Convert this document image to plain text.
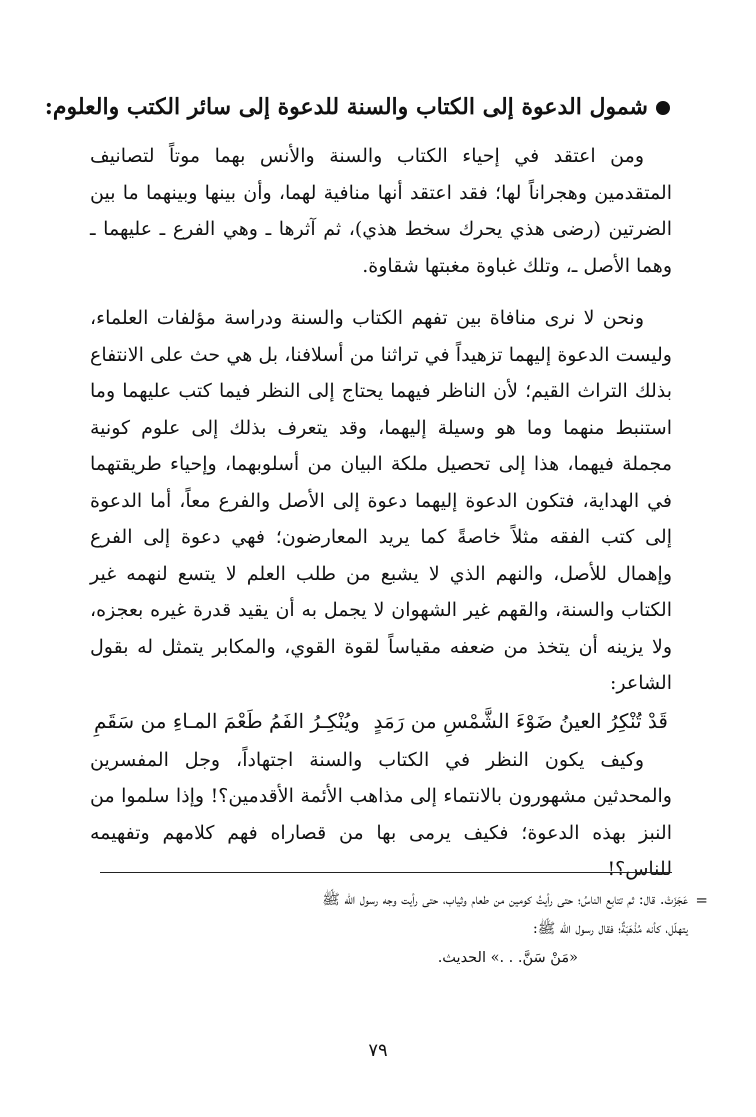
شمول الدعوة إلى الكتاب والسنة للدعوة إلى سائر الكتب والعلوم:

ومن اعتقد في إحياء الكتاب والسنة والأنس بهما موتاً لتصانيف المتقدمين وهجراناً لها؛ فقد اعتقد أنها منافية لهما، وأن بينها وبينهما ما بين الضرتين (رضى هذي يحرك سخط هذي)، ثم آثرها ـ وهي الفرع ـ عليهما ـ وهما الأصل ـ، وتلك غباوة مغبتها شقاوة.

ونحن لا نرى منافاة بين تفهم الكتاب والسنة ودراسة مؤلفات العلماء، وليست الدعوة إليهما تزهيداً في تراثنا من أسلافنا، بل هي حث على الانتفاع بذلك التراث القيم؛ لأن الناظر فيهما يحتاج إلى النظر فيما كتب عليهما وما استنبط منهما وما هو وسيلة إليهما، وقد يتعرف بذلك إلى علوم كونية مجملة فيهما، هذا إلى تحصيل ملكة البيان من أسلوبهما، وإحياء طريقتهما في الهداية، فتكون الدعوة إليهما دعوة إلى الأصل والفرع معاً، أما الدعوة إلى كتب الفقه مثلاً خاصةً كما يريد المعارضون؛ فهي دعوة إلى الفرع وإهمال للأصل، والنهم الذي لا يشبع من طلب العلم لا يتسع لنهمه غير الكتاب والسنة، والقهم غير الشهوان لا يجمل به أن يقيد قدرة غيره بعجزه، ولا يزينه أن يتخذ من ضعفه مقياساً لقوة القوي، والمكابر يتمثل له بقول الشاعر:

قَدْ تُنْكِرُ العينُ ضَوْءَ الشَّمْسِ من رَمَدٍ
ويُنْكِـرُ الفَمُ طَعْمَ المـاءِ من سَقَمِ

وكيف يكون النظر في الكتاب والسنة اجتهاداً، وجل المفسرين والمحدثين مشهورون بالانتماء إلى مذاهب الأئمة الأقدمين؟! وإذا سلموا من النبز بهذه الدعوة؛ فكيف يرمى بها من قصاراه فهم كلامهم وتفهيمه للناس؟!

=

عَجَزَتْ. قال: ثم تتابع الناسُ؛ حتى رأيتُ كومين من طعام وثياب، حتى رأيت وجه رسول الله ﷺ

يتهلّل، كأنه مُذْهَبَةٌ؛ فقال رسول الله ﷺ:

«مَنْ سَنَّ. . .» الحديث.

٧٩
